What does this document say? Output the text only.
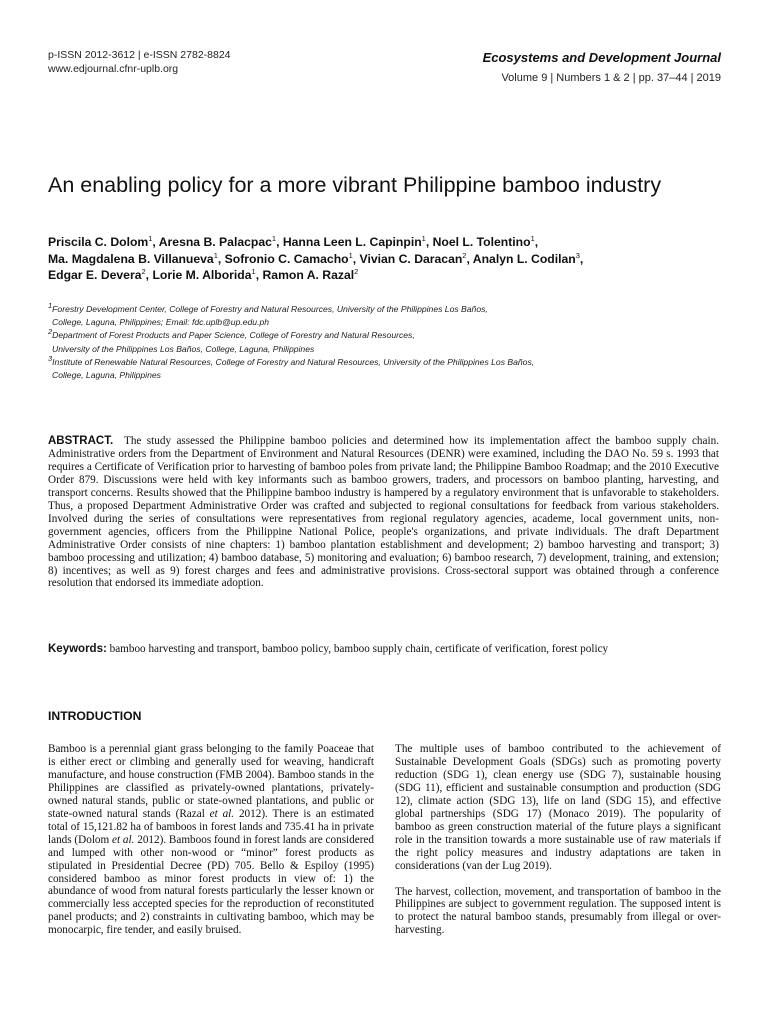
p-ISSN 2012-3612 | e-ISSN 2782-8824
www.edjournal.cfnr-uplb.org
Ecosystems and Development Journal
Volume 9 | Numbers 1 & 2 | pp. 37–44 | 2019
An enabling policy for a more vibrant Philippine bamboo industry
Priscila C. Dolom$^1$, Aresna B. Palacpac$^1$, Hanna Leen L. Capinpin$^1$, Noel L. Tolentino$^1$,
Ma. Magdalena B. Villanueva$^1$, Sofronio C. Camacho$^1$, Vivian C. Daracan$^2$, Analyn L. Codilan$^3$,
Edgar E. Devera$^2$, Lorie M. Alborida$^1$, Ramon A. Razal$^2$
$^1$Forestry Development Center, College of Forestry and Natural Resources, University of the Philippines Los Baños,
College, Laguna, Philippines; Email: fdc.uplb@up.edu.ph
$^2$Department of Forest Products and Paper Science, College of Forestry and Natural Resources,
University of the Philippines Los Baños, College, Laguna, Philippines
$^3$Institute of Renewable Natural Resources, College of Forestry and Natural Resources, University of the Philippines Los Baños,
College, Laguna, Philippines
ABSTRACT. The study assessed the Philippine bamboo policies and determined how its implementation affect the bamboo supply chain. Administrative orders from the Department of Environment and Natural Resources (DENR) were examined, including the DAO No. 59 s. 1993 that requires a Certificate of Verification prior to harvesting of bamboo poles from private land; the Philippine Bamboo Roadmap; and the 2010 Executive Order 879. Discussions were held with key informants such as bamboo growers, traders, and processors on bamboo planting, harvesting, and transport concerns. Results showed that the Philippine bamboo industry is hampered by a regulatory environment that is unfavorable to stakeholders. Thus, a proposed Department Administrative Order was crafted and subjected to regional consultations for feedback from various stakeholders. Involved during the series of consultations were representatives from regional regulatory agencies, academe, local government units, non-government agencies, officers from the Philippine National Police, people's organizations, and private individuals. The draft Department Administrative Order consists of nine chapters: 1) bamboo plantation establishment and development; 2) bamboo harvesting and transport; 3) bamboo processing and utilization; 4) bamboo database, 5) monitoring and evaluation; 6) bamboo research, 7) development, training, and extension; 8) incentives; as well as 9) forest charges and fees and administrative provisions. Cross-sectoral support was obtained through a conference resolution that endorsed its immediate adoption.
Keywords: bamboo harvesting and transport, bamboo policy, bamboo supply chain, certificate of verification, forest policy
INTRODUCTION

Bamboo is a perennial giant grass belonging to the family Poaceae that is either erect or climbing and generally used for weaving, handicraft manufacture, and house construction (FMB 2004). Bamboo stands in the Philippines are classified as privately-owned plantations, privately-owned natural stands, public or state-owned plantations, and public or state-owned natural stands (Razal et al. 2012). There is an estimated total of 15,121.82 ha of bamboos in forest lands and 735.41 ha in private lands (Dolom et al. 2012). Bamboos found in forest lands are considered and lumped with other non-wood or “minor” forest products as stipulated in Presidential Decree (PD) 705. Bello & Espiloy (1995) considered bamboo as minor forest products in view of: 1) the abundance of wood from natural forests particularly the lesser known or commercially less accepted species for the reproduction of reconstituted panel products; and 2) constraints in cultivating bamboo, which may be monocarpic, fire tender, and easily bruised.

The multiple uses of bamboo contributed to the achievement of Sustainable Development Goals (SDGs) such as promoting poverty reduction (SDG 1), clean energy use (SDG 7), sustainable housing (SDG 11), efficient and sustainable consumption and production (SDG 12), climate action (SDG 13), life on land (SDG 15), and effective global partnerships (SDG 17) (Monaco 2019). The popularity of bamboo as green construction material of the future plays a significant role in the transition towards a more sustainable use of raw materials if the right policy measures and industry adaptations are taken in considerations (van der Lug 2019).

The harvest, collection, movement, and transportation of bamboo in the Philippines are subject to government regulation. The supposed intent is to protect the natural bamboo stands, presumably from illegal or over-harvesting.
